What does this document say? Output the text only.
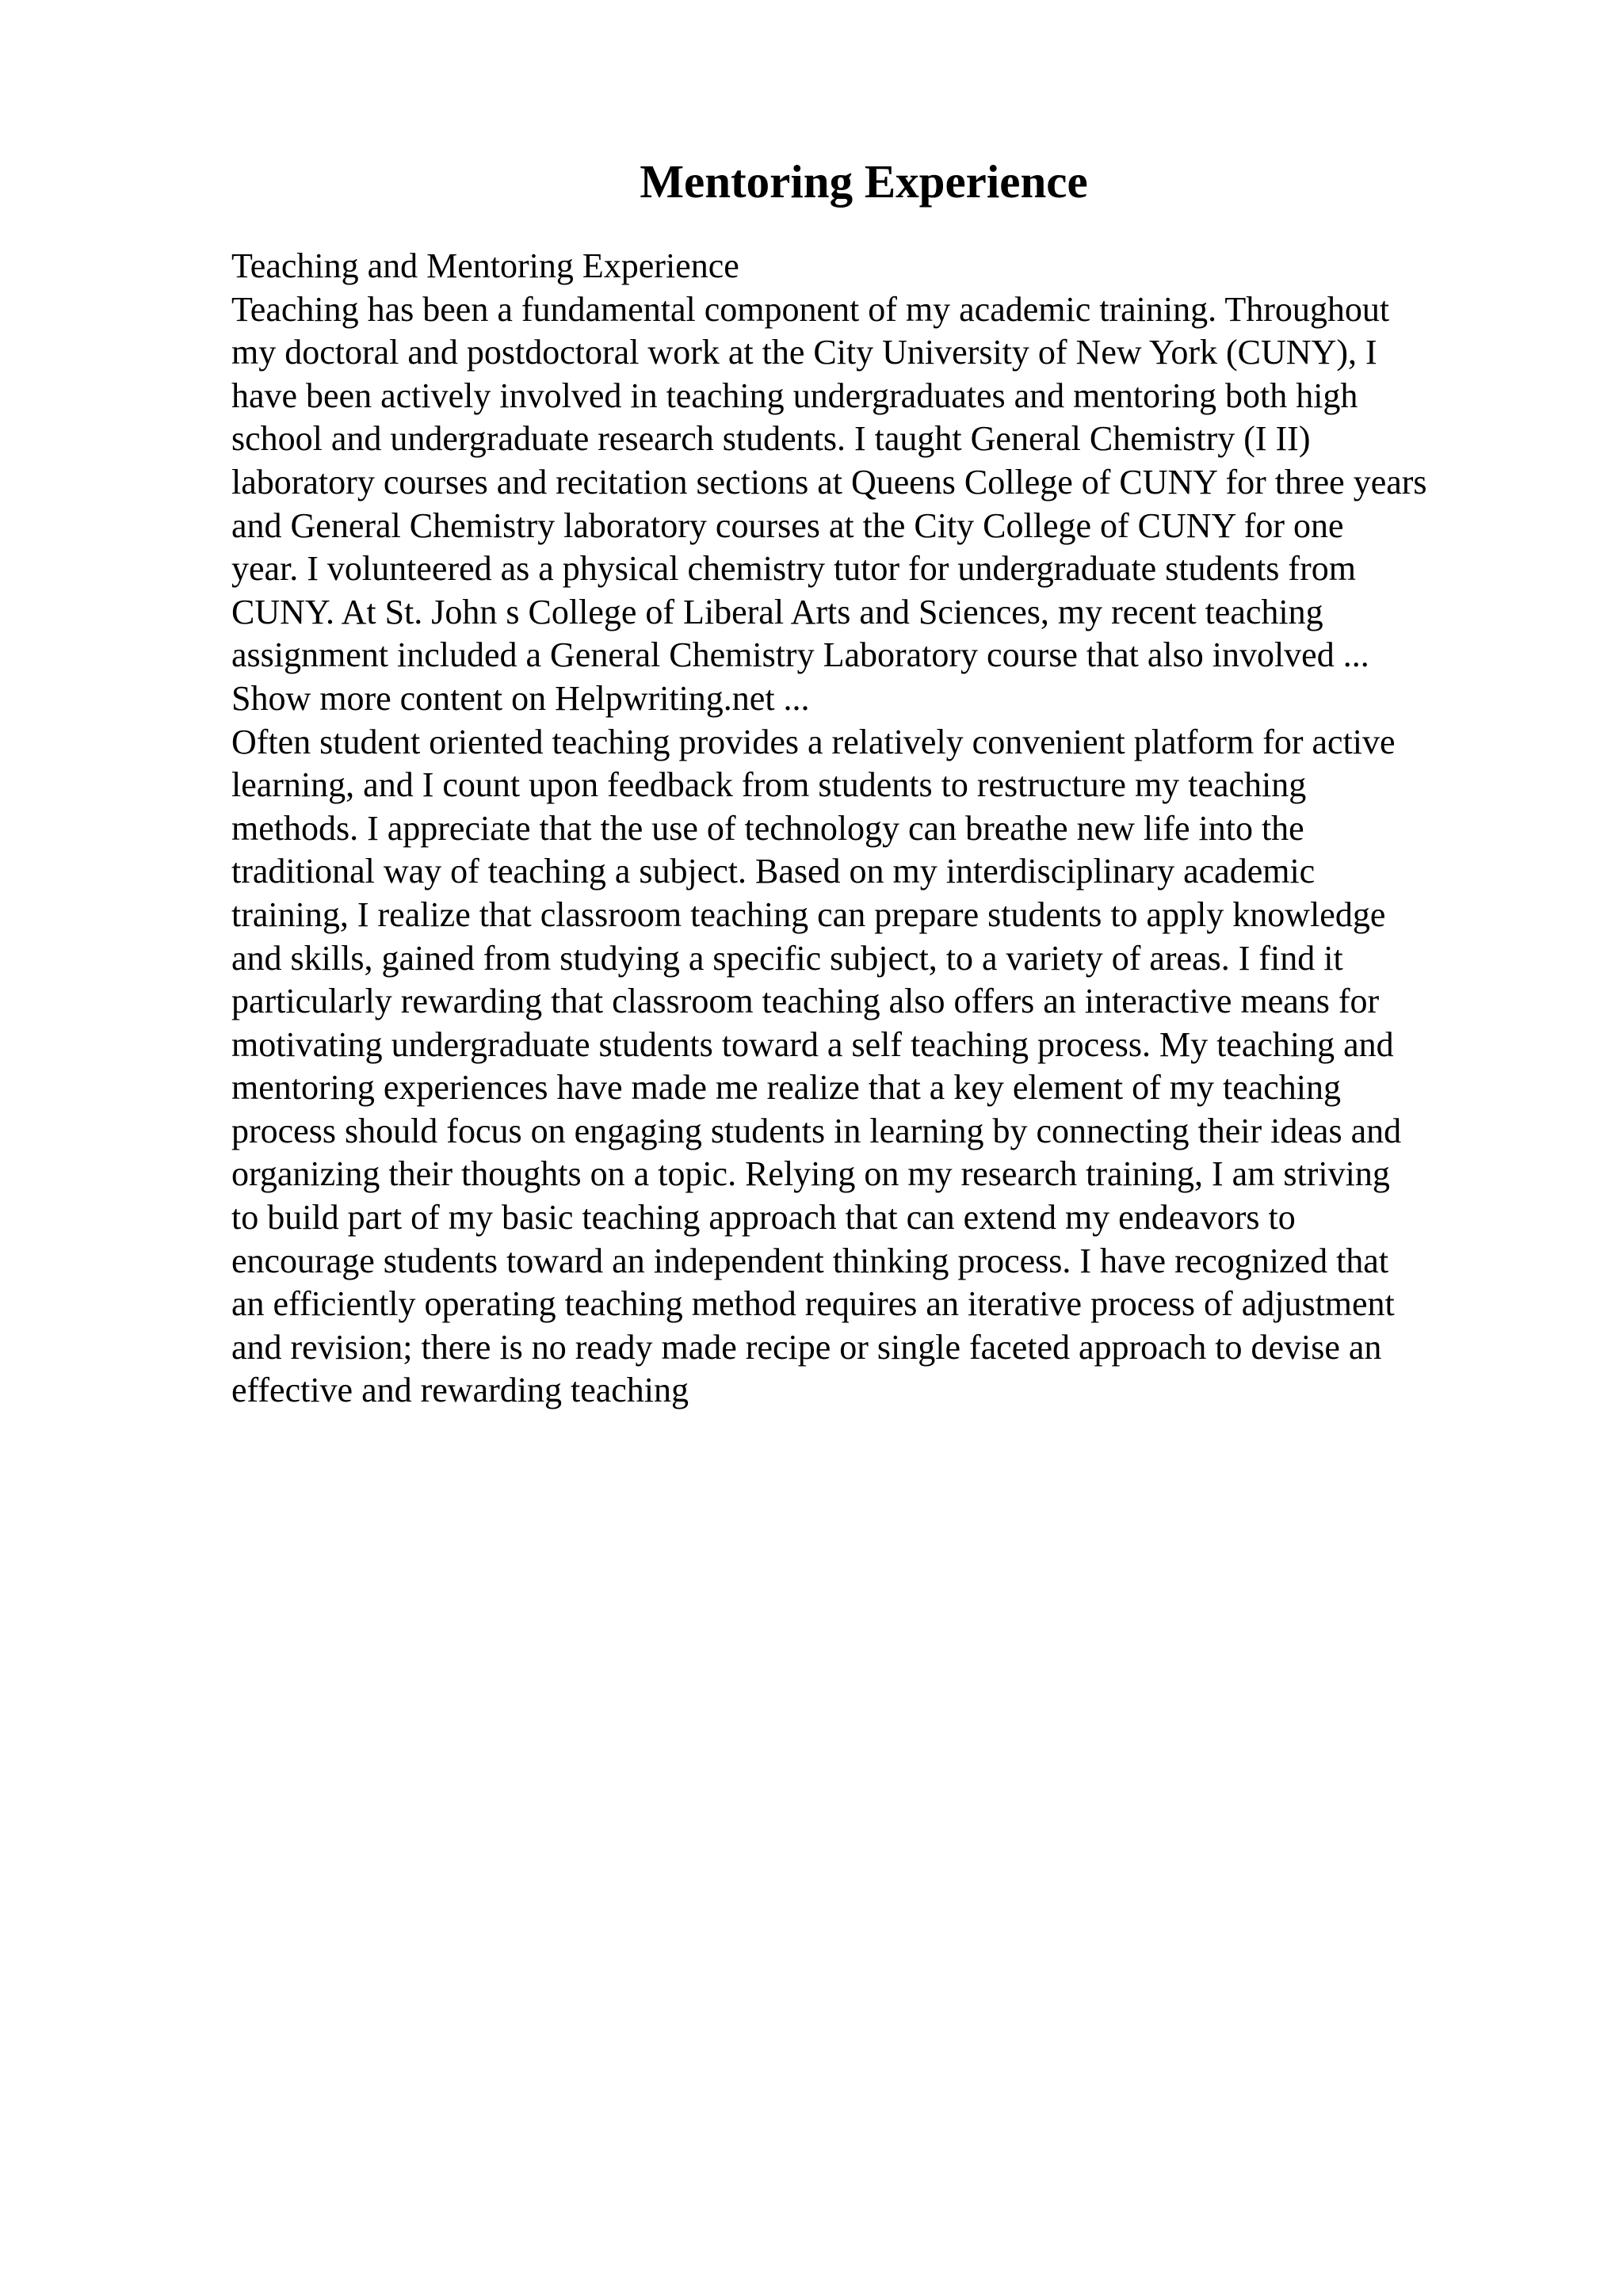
Mentoring Experience
Teaching and Mentoring Experience
Teaching has been a fundamental component of my academic training. Throughout
my doctoral and postdoctoral work at the City University of New York (CUNY), I
have been actively involved in teaching undergraduates and mentoring both high
school and undergraduate research students. I taught General Chemistry (I II)
laboratory courses and recitation sections at Queens College of CUNY for three years
and General Chemistry laboratory courses at the City College of CUNY for one
year. I volunteered as a physical chemistry tutor for undergraduate students from
CUNY. At St. John s College of Liberal Arts and Sciences, my recent teaching
assignment included a General Chemistry Laboratory course that also involved ...
Show more content on Helpwriting.net ...
Often student oriented teaching provides a relatively convenient platform for active
learning, and I count upon feedback from students to restructure my teaching
methods. I appreciate that the use of technology can breathe new life into the
traditional way of teaching a subject. Based on my interdisciplinary academic
training, I realize that classroom teaching can prepare students to apply knowledge
and skills, gained from studying a specific subject, to a variety of areas. I find it
particularly rewarding that classroom teaching also offers an interactive means for
motivating undergraduate students toward a self teaching process. My teaching and
mentoring experiences have made me realize that a key element of my teaching
process should focus on engaging students in learning by connecting their ideas and
organizing their thoughts on a topic. Relying on my research training, I am striving
to build part of my basic teaching approach that can extend my endeavors to
encourage students toward an independent thinking process. I have recognized that
an efficiently operating teaching method requires an iterative process of adjustment
and revision; there is no ready made recipe or single faceted approach to devise an
effective and rewarding teaching
